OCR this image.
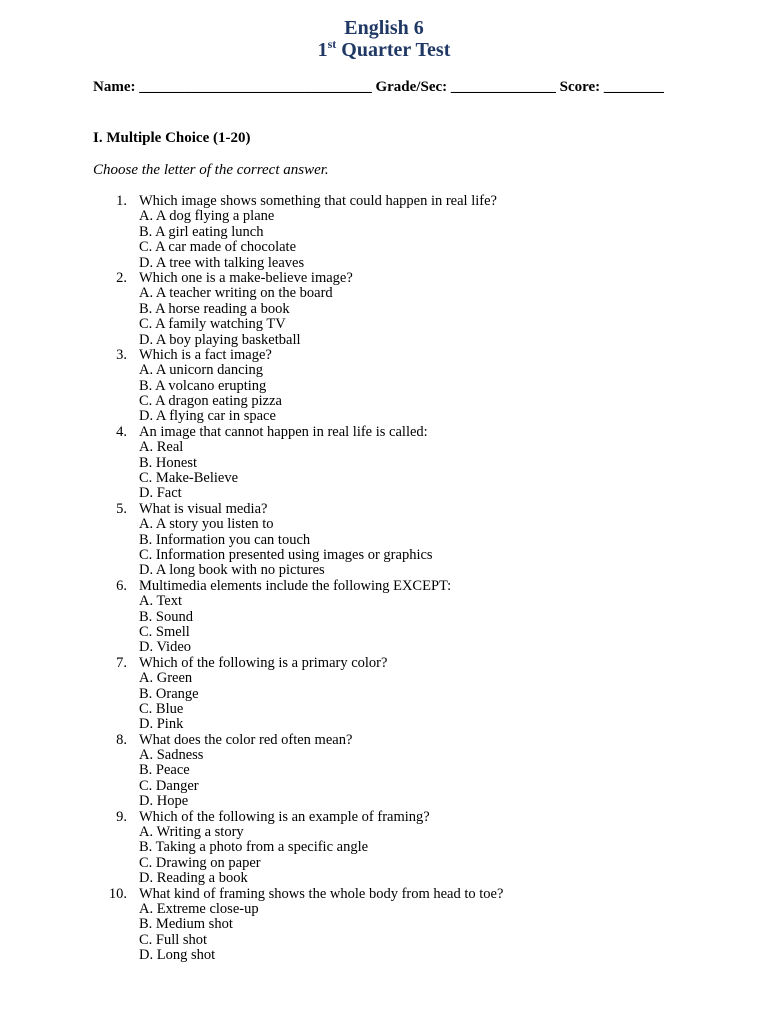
English 6
1st Quarter Test
Name: _______________________________ Grade/Sec: ______________ Score: ________
I. Multiple Choice (1-20)
Choose the letter of the correct answer.
1. Which image shows something that could happen in real life?
A. A dog flying a plane
B. A girl eating lunch
C. A car made of chocolate
D. A tree with talking leaves
2. Which one is a make-believe image?
A. A teacher writing on the board
B. A horse reading a book
C. A family watching TV
D. A boy playing basketball
3. Which is a fact image?
A. A unicorn dancing
B. A volcano erupting
C. A dragon eating pizza
D. A flying car in space
4. An image that cannot happen in real life is called:
A. Real
B. Honest
C. Make-Believe
D. Fact
5. What is visual media?
A. A story you listen to
B. Information you can touch
C. Information presented using images or graphics
D. A long book with no pictures
6. Multimedia elements include the following EXCEPT:
A. Text
B. Sound
C. Smell
D. Video
7. Which of the following is a primary color?
A. Green
B. Orange
C. Blue
D. Pink
8. What does the color red often mean?
A. Sadness
B. Peace
C. Danger
D. Hope
9. Which of the following is an example of framing?
A. Writing a story
B. Taking a photo from a specific angle
C. Drawing on paper
D. Reading a book
10. What kind of framing shows the whole body from head to toe?
A. Extreme close-up
B. Medium shot
C. Full shot
D. Long shot
